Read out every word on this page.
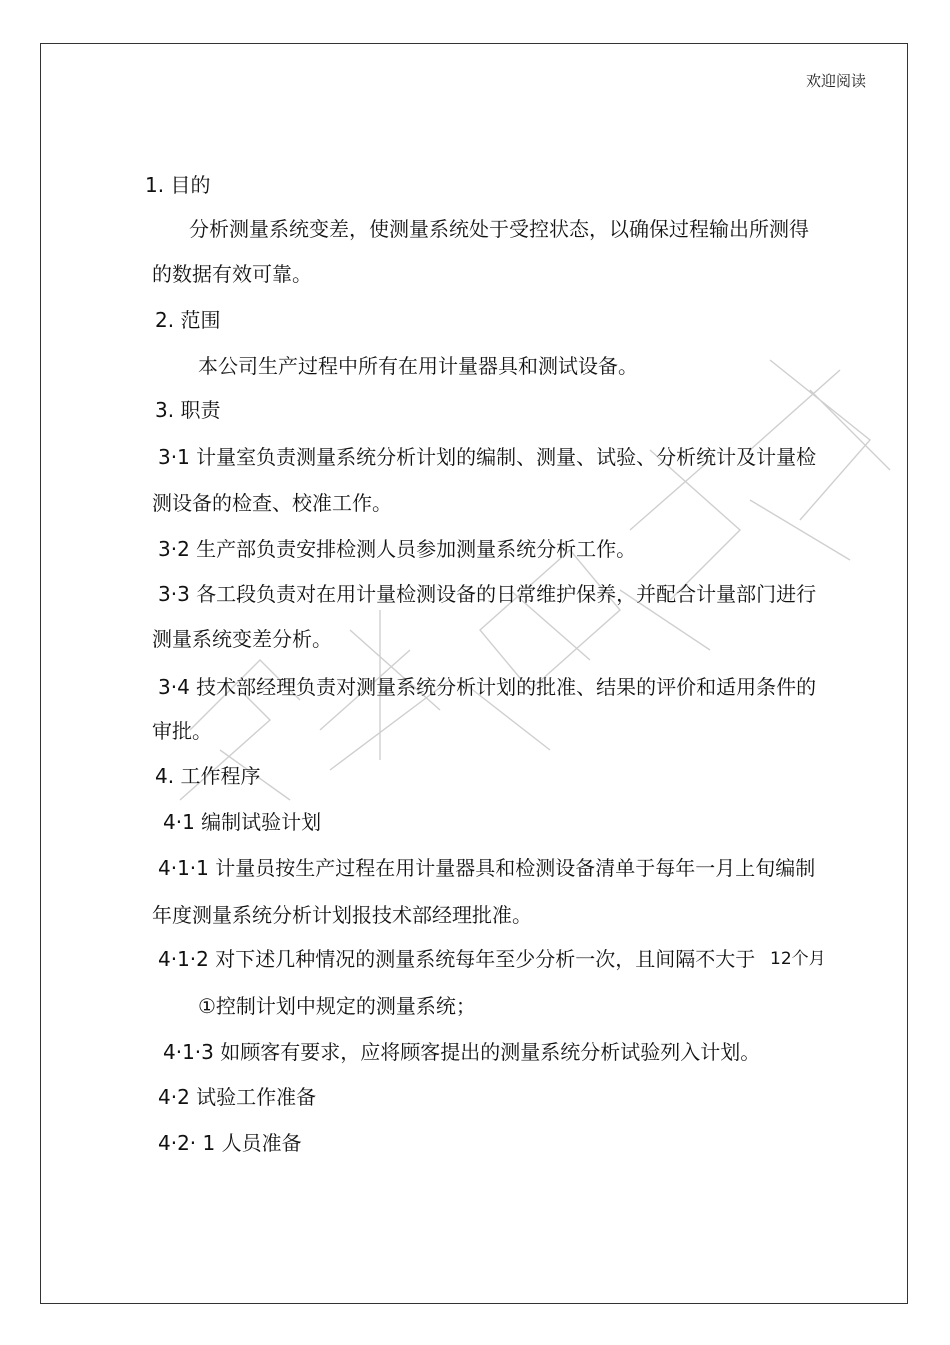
欢迎阅读
1. 目的
分析测量系统变差，使测量系统处于受控状态，以确保过程输出所测得
的数据有效可靠。
2. 范围
本公司生产过程中所有在用计量器具和测试设备。
3. 职责
3·1 计量室负责测量系统分析计划的编制、测量、试验、分析统计及计量检
测设备的检查、校准工作。
3·2 生产部负责安排检测人员参加测量系统分析工作。
3·3 各工段负责对在用计量检测设备的日常维护保养，并配合计量部门进行
测量系统变差分析。
3·4 技术部经理负责对测量系统分析计划的批准、结果的评价和适用条件的
审批。
4. 工作程序
4·1 编制试验计划
4·1·1 计量员按生产过程在用计量器具和检测设备清单于每年一月上旬编制
年度测量系统分析计划报技术部经理批准。
4·1·2 对下述几种情况的测量系统每年至少分析一次，且间隔不大于 12个月
①控制计划中规定的测量系统；
4·1·3 如顾客有要求，应将顾客提出的测量系统分析试验列入计划。
4·2 试验工作准备
4·2· 1 人员准备
